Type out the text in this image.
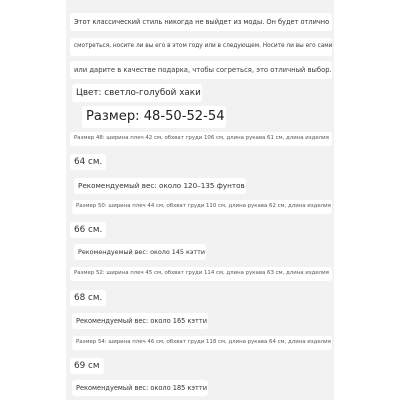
Этот классический стиль никогда не выйдет из моды. Он будет отлично
смотреться, носите ли вы его в этом году или в следующем. Носите ли вы его сами
или дарите в качестве подарка, чтобы согреться, это отличный выбор.
Цвет: светло-голубой хаки
Размер: 48-50-52-54
Размер 48: ширина плеч 42 см, обхват груди 106 см, длина рукава 61 см, длина изделия
64 см.
Рекомендуемый вес: около 120–135 фунтов
Размер 50: ширина плеч 44 см, обхват груди 110 см, длина рукава 62 см, длина изделия
66 см.
Рекомендуемый вес: около 145 кэтти
Размер 52: ширина плеч 45 см, обхват груди 114 см, длина рукава 63 см, длина изделия
68 см.
Рекомендуемый вес: около 165 кэтти
Размер 54: ширина плеч 46 см, обхват груди 118 см, длина рукава 64 см, длина изделия
69 см
Рекомендуемый вес: около 185 кэтти
